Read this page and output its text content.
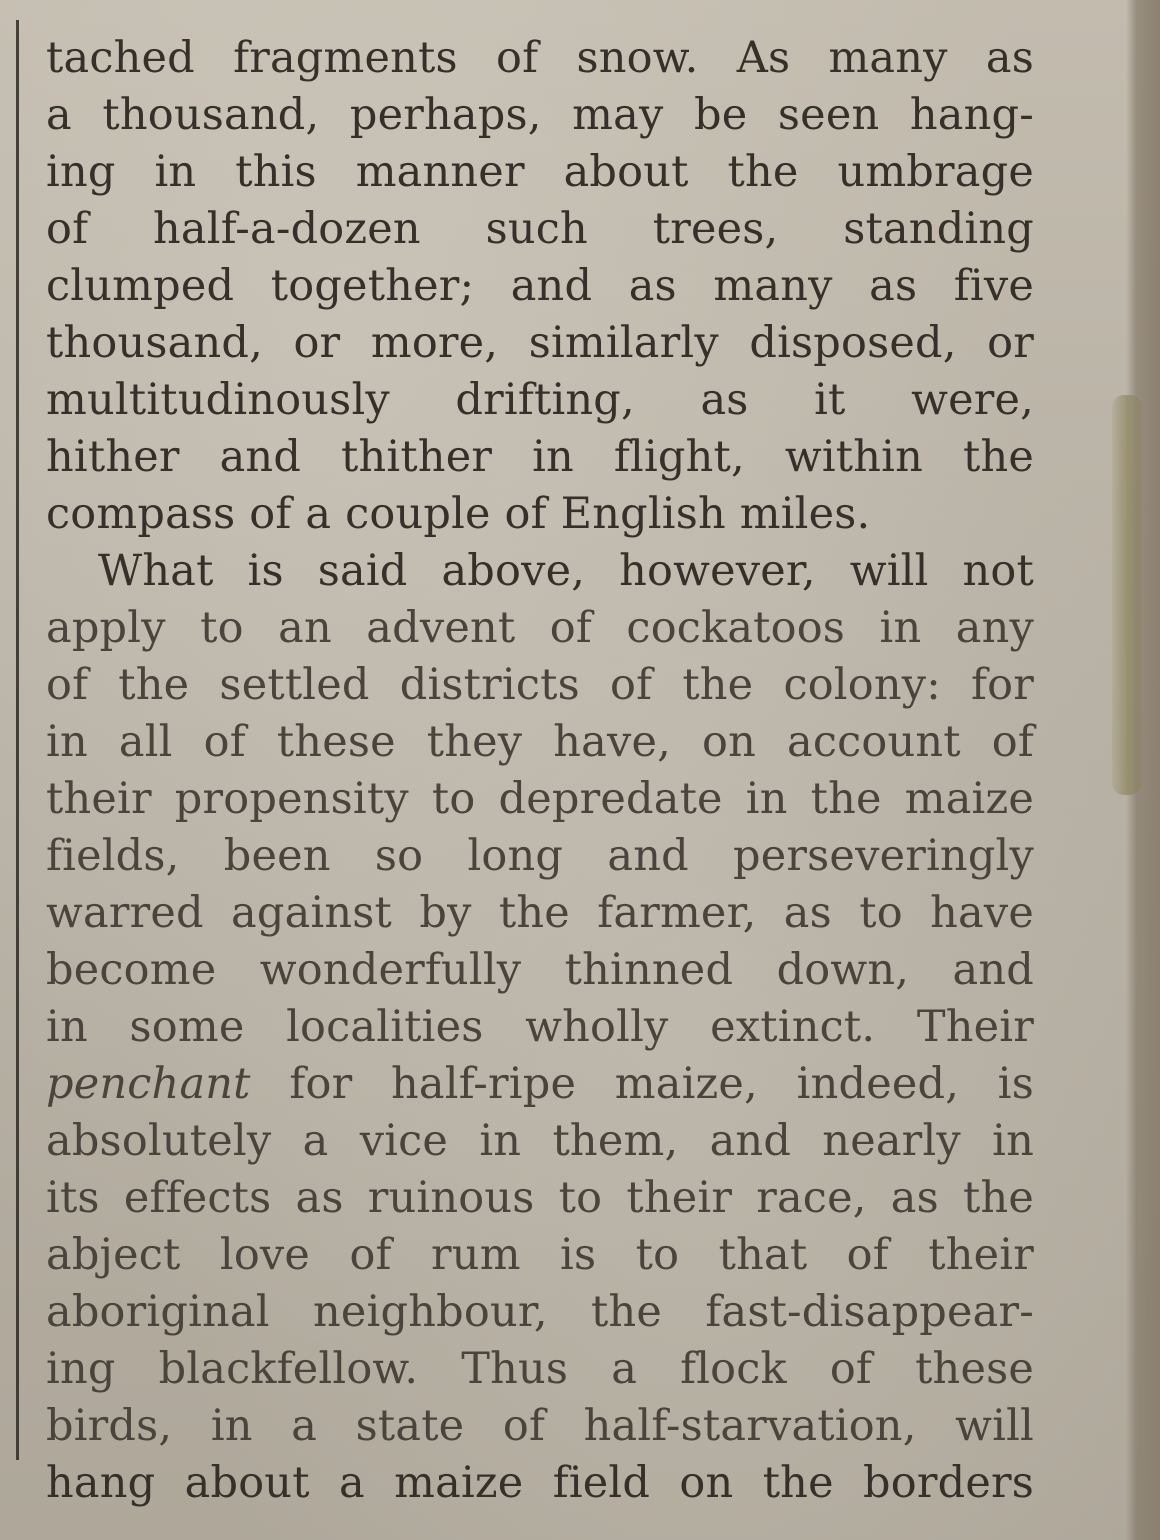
tached fragments of snow. As many as
a thousand, perhaps, may be seen hang-
ing in this manner about the umbrage
of half-a-dozen such trees, standing
clumped together; and as many as five
thousand, or more, similarly disposed, or
multitudinously drifting, as it were,
hither and thither in flight, within the
compass of a couple of English miles.
What is said above, however, will not
apply to an advent of cockatoos in any
of the settled districts of the colony: for
in all of these they have, on account of
their propensity to depredate in the maize
fields, been so long and perseveringly
warred against by the farmer, as to have
become wonderfully thinned down, and
in some localities wholly extinct. Their
penchant for half-ripe maize, indeed, is
absolutely a vice in them, and nearly in
its effects as ruinous to their race, as the
abject love of rum is to that of their
aboriginal neighbour, the fast-disappear-
ing blackfellow. Thus a flock of these
birds, in a state of half-starvation, will
hang about a maize field on the borders
